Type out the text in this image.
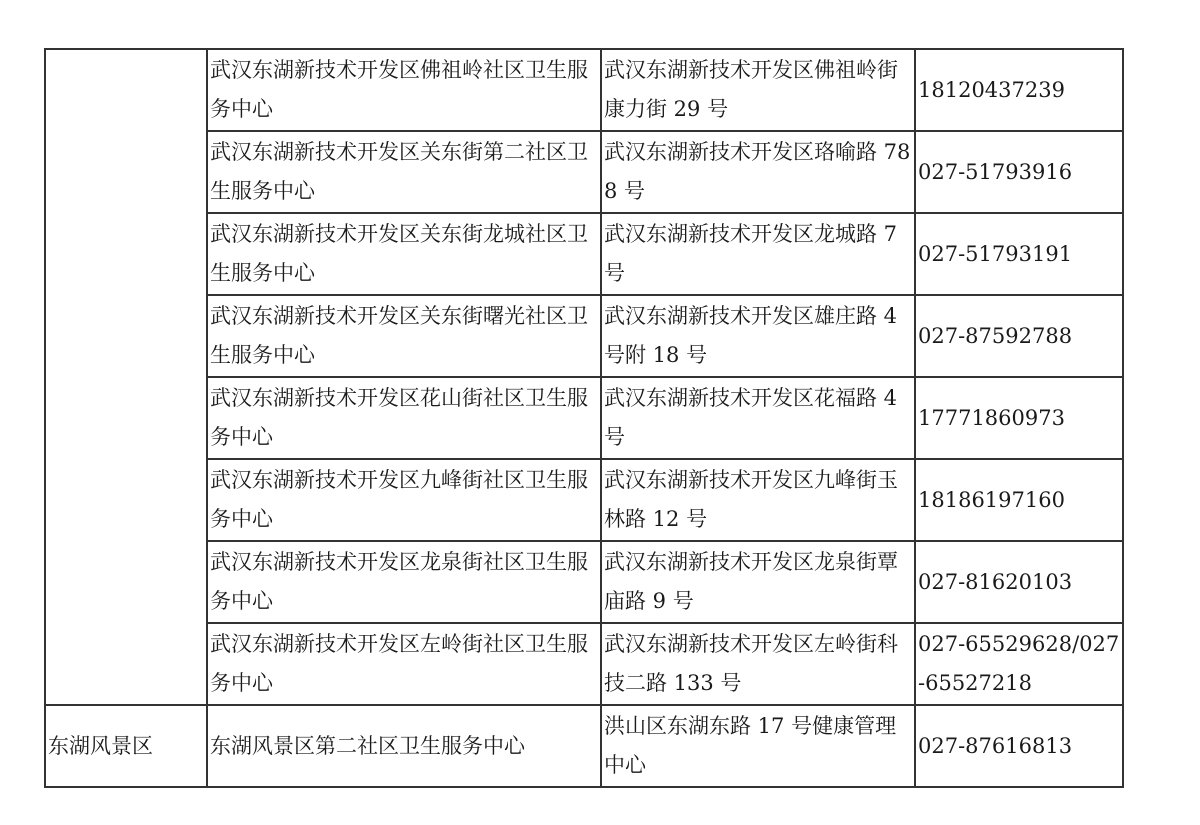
	武汉东湖新技术开发区佛祖岭社区卫生服务中心	武汉东湖新技术开发区佛祖岭街康力街 29 号	18120437239

	武汉东湖新技术开发区关东街第二社区卫生服务中心	武汉东湖新技术开发区珞喻路 788 号	027-51793916

	武汉东湖新技术开发区关东街龙城社区卫生服务中心	武汉东湖新技术开发区龙城路 7 号	027-51793191

	武汉东湖新技术开发区关东街曙光社区卫生服务中心	武汉东湖新技术开发区雄庄路 4 号附 18 号	027-87592788

	武汉东湖新技术开发区花山街社区卫生服务中心	武汉东湖新技术开发区花福路 4 号	17771860973

	武汉东湖新技术开发区九峰街社区卫生服务中心	武汉东湖新技术开发区九峰街玉林路 12 号	18186197160

	武汉东湖新技术开发区龙泉街社区卫生服务中心	武汉东湖新技术开发区龙泉街覃庙路 9 号	027-81620103

	武汉东湖新技术开发区左岭街社区卫生服务中心	武汉东湖新技术开发区左岭街科技二路 133 号	027-65529628/027-65527218

东湖风景区	东湖风景区第二社区卫生服务中心	洪山区东湖东路 17 号健康管理中心	027-87616813
